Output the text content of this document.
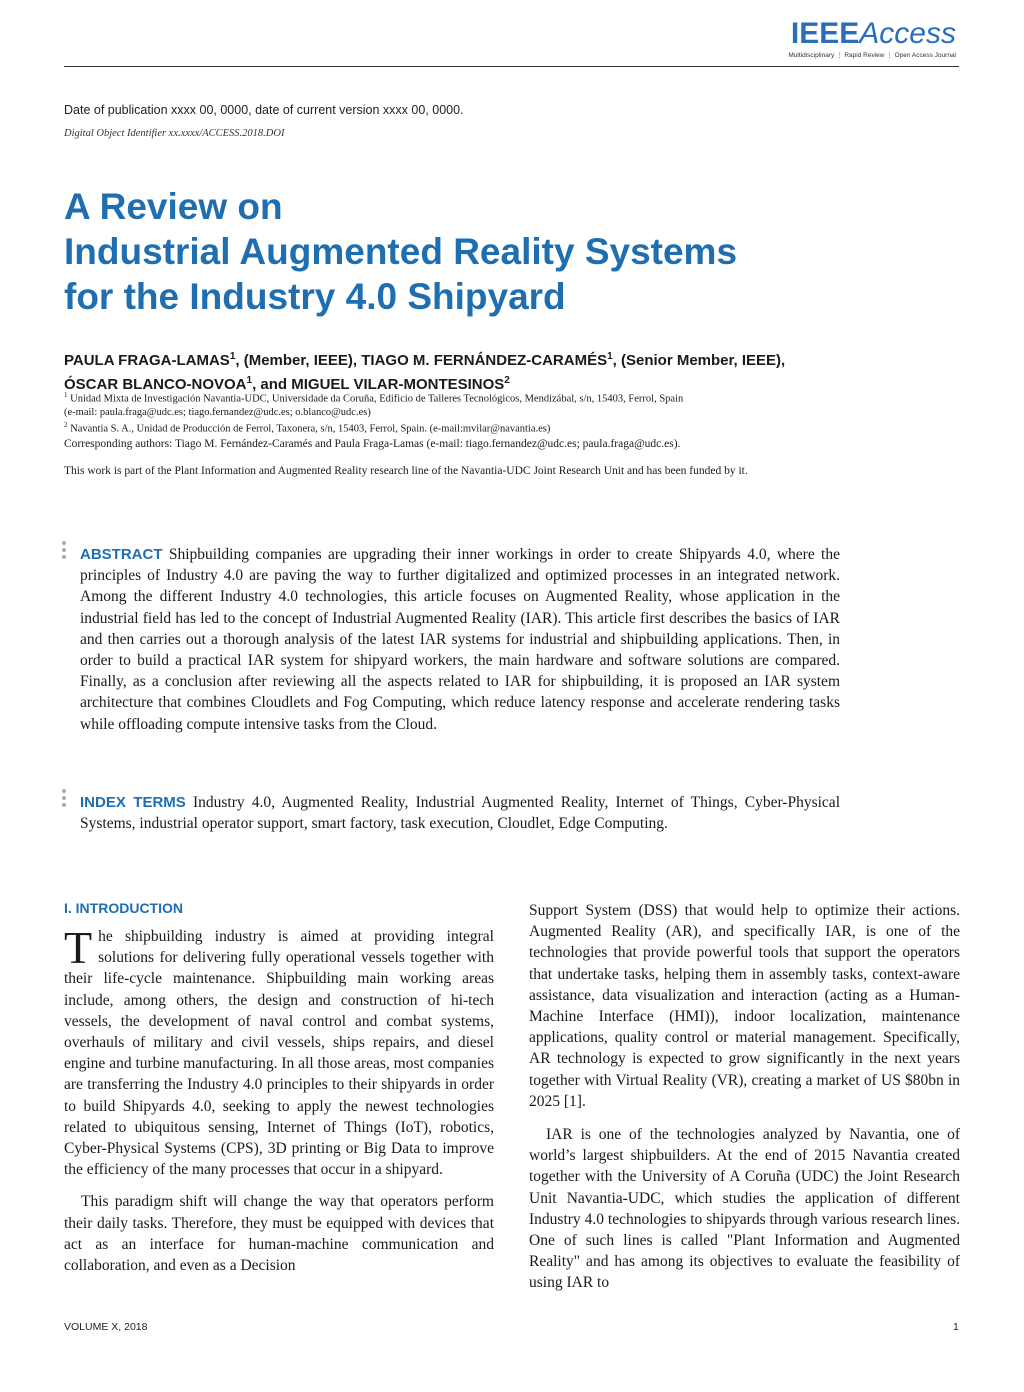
IEEEAccess
Multidisciplinary ⋮ Rapid Review ⋮ Open Access Journal
Date of publication xxxx 00, 0000, date of current version xxxx 00, 0000.
Digital Object Identifier xx.xxxx/ACCESS.2018.DOI
A Review on
Industrial Augmented Reality Systems
for the Industry 4.0 Shipyard
PAULA FRAGA-LAMAS$^1$, (Member, IEEE), TIAGO M. FERNÁNDEZ-CARAMÉS$^1$, (Senior Member, IEEE), ÓSCAR BLANCO-NOVOA$^1$, and MIGUEL VILAR-MONTESINOS$^2$
$^1$ Unidad Mixta de Investigación Navantia-UDC, Universidade da Coruña, Edificio de Talleres Tecnológicos, Mendizábal, s/n, 15403, Ferrol, Spain
(e-mail: paula.fraga@udc.es; tiago.fernandez@udc.es; o.blanco@udc.es)
$^2$ Navantia S. A., Unidad de Producción de Ferrol, Taxonera, s/n, 15403, Ferrol, Spain. (e-mail:mvilar@navantia.es)
Corresponding authors: Tiago M. Fernández-Caramés and Paula Fraga-Lamas (e-mail: tiago.fernandez@udc.es; paula.fraga@udc.es).
This work is part of the Plant Information and Augmented Reality research line of the Navantia-UDC Joint Research Unit and has been funded by it.
ABSTRACT Shipbuilding companies are upgrading their inner workings in order to create Shipyards 4.0, where the principles of Industry 4.0 are paving the way to further digitalized and optimized processes in an integrated network. Among the different Industry 4.0 technologies, this article focuses on Augmented Reality, whose application in the industrial field has led to the concept of Industrial Augmented Reality (IAR). This article first describes the basics of IAR and then carries out a thorough analysis of the latest IAR systems for industrial and shipbuilding applications. Then, in order to build a practical IAR system for shipyard workers, the main hardware and software solutions are compared. Finally, as a conclusion after reviewing all the aspects related to IAR for shipbuilding, it is proposed an IAR system architecture that combines Cloudlets and Fog Computing, which reduce latency response and accelerate rendering tasks while offloading compute intensive tasks from the Cloud.
INDEX TERMS Industry 4.0, Augmented Reality, Industrial Augmented Reality, Internet of Things, Cyber-Physical Systems, industrial operator support, smart factory, task execution, Cloudlet, Edge Computing.
I. INTRODUCTION

The shipbuilding industry is aimed at providing integral solutions for delivering fully operational vessels together with their life-cycle maintenance. Shipbuilding main working areas include, among others, the design and construction of hi-tech vessels, the development of naval control and combat systems, overhauls of military and civil vessels, ships repairs, and diesel engine and turbine manufacturing. In all those areas, most companies are transferring the Industry 4.0 principles to their shipyards in order to build Shipyards 4.0, seeking to apply the newest technologies related to ubiquitous sensing, Internet of Things (IoT), robotics, Cyber-Physical Systems (CPS), 3D printing or Big Data to improve the efficiency of the many processes that occur in a shipyard.

This paradigm shift will change the way that operators perform their daily tasks. Therefore, they must be equipped with devices that act as an interface for human-machine communication and collaboration, and even as a Decision

Support System (DSS) that would help to optimize their actions. Augmented Reality (AR), and specifically IAR, is one of the technologies that provide powerful tools that support the operators that undertake tasks, helping them in assembly tasks, context-aware assistance, data visualization and interaction (acting as a Human-Machine Interface (HMI)), indoor localization, maintenance applications, quality control or material management. Specifically, AR technology is expected to grow significantly in the next years together with Virtual Reality (VR), creating a market of US $80bn in 2025 [1].

IAR is one of the technologies analyzed by Navantia, one of world’s largest shipbuilders. At the end of 2015 Navantia created together with the University of A Coruña (UDC) the Joint Research Unit Navantia-UDC, which studies the application of different Industry 4.0 technologies to shipyards through various research lines. One of such lines is called "Plant Information and Augmented Reality" and has among its objectives to evaluate the feasibility of using IAR to

VOLUME X, 2018	1
